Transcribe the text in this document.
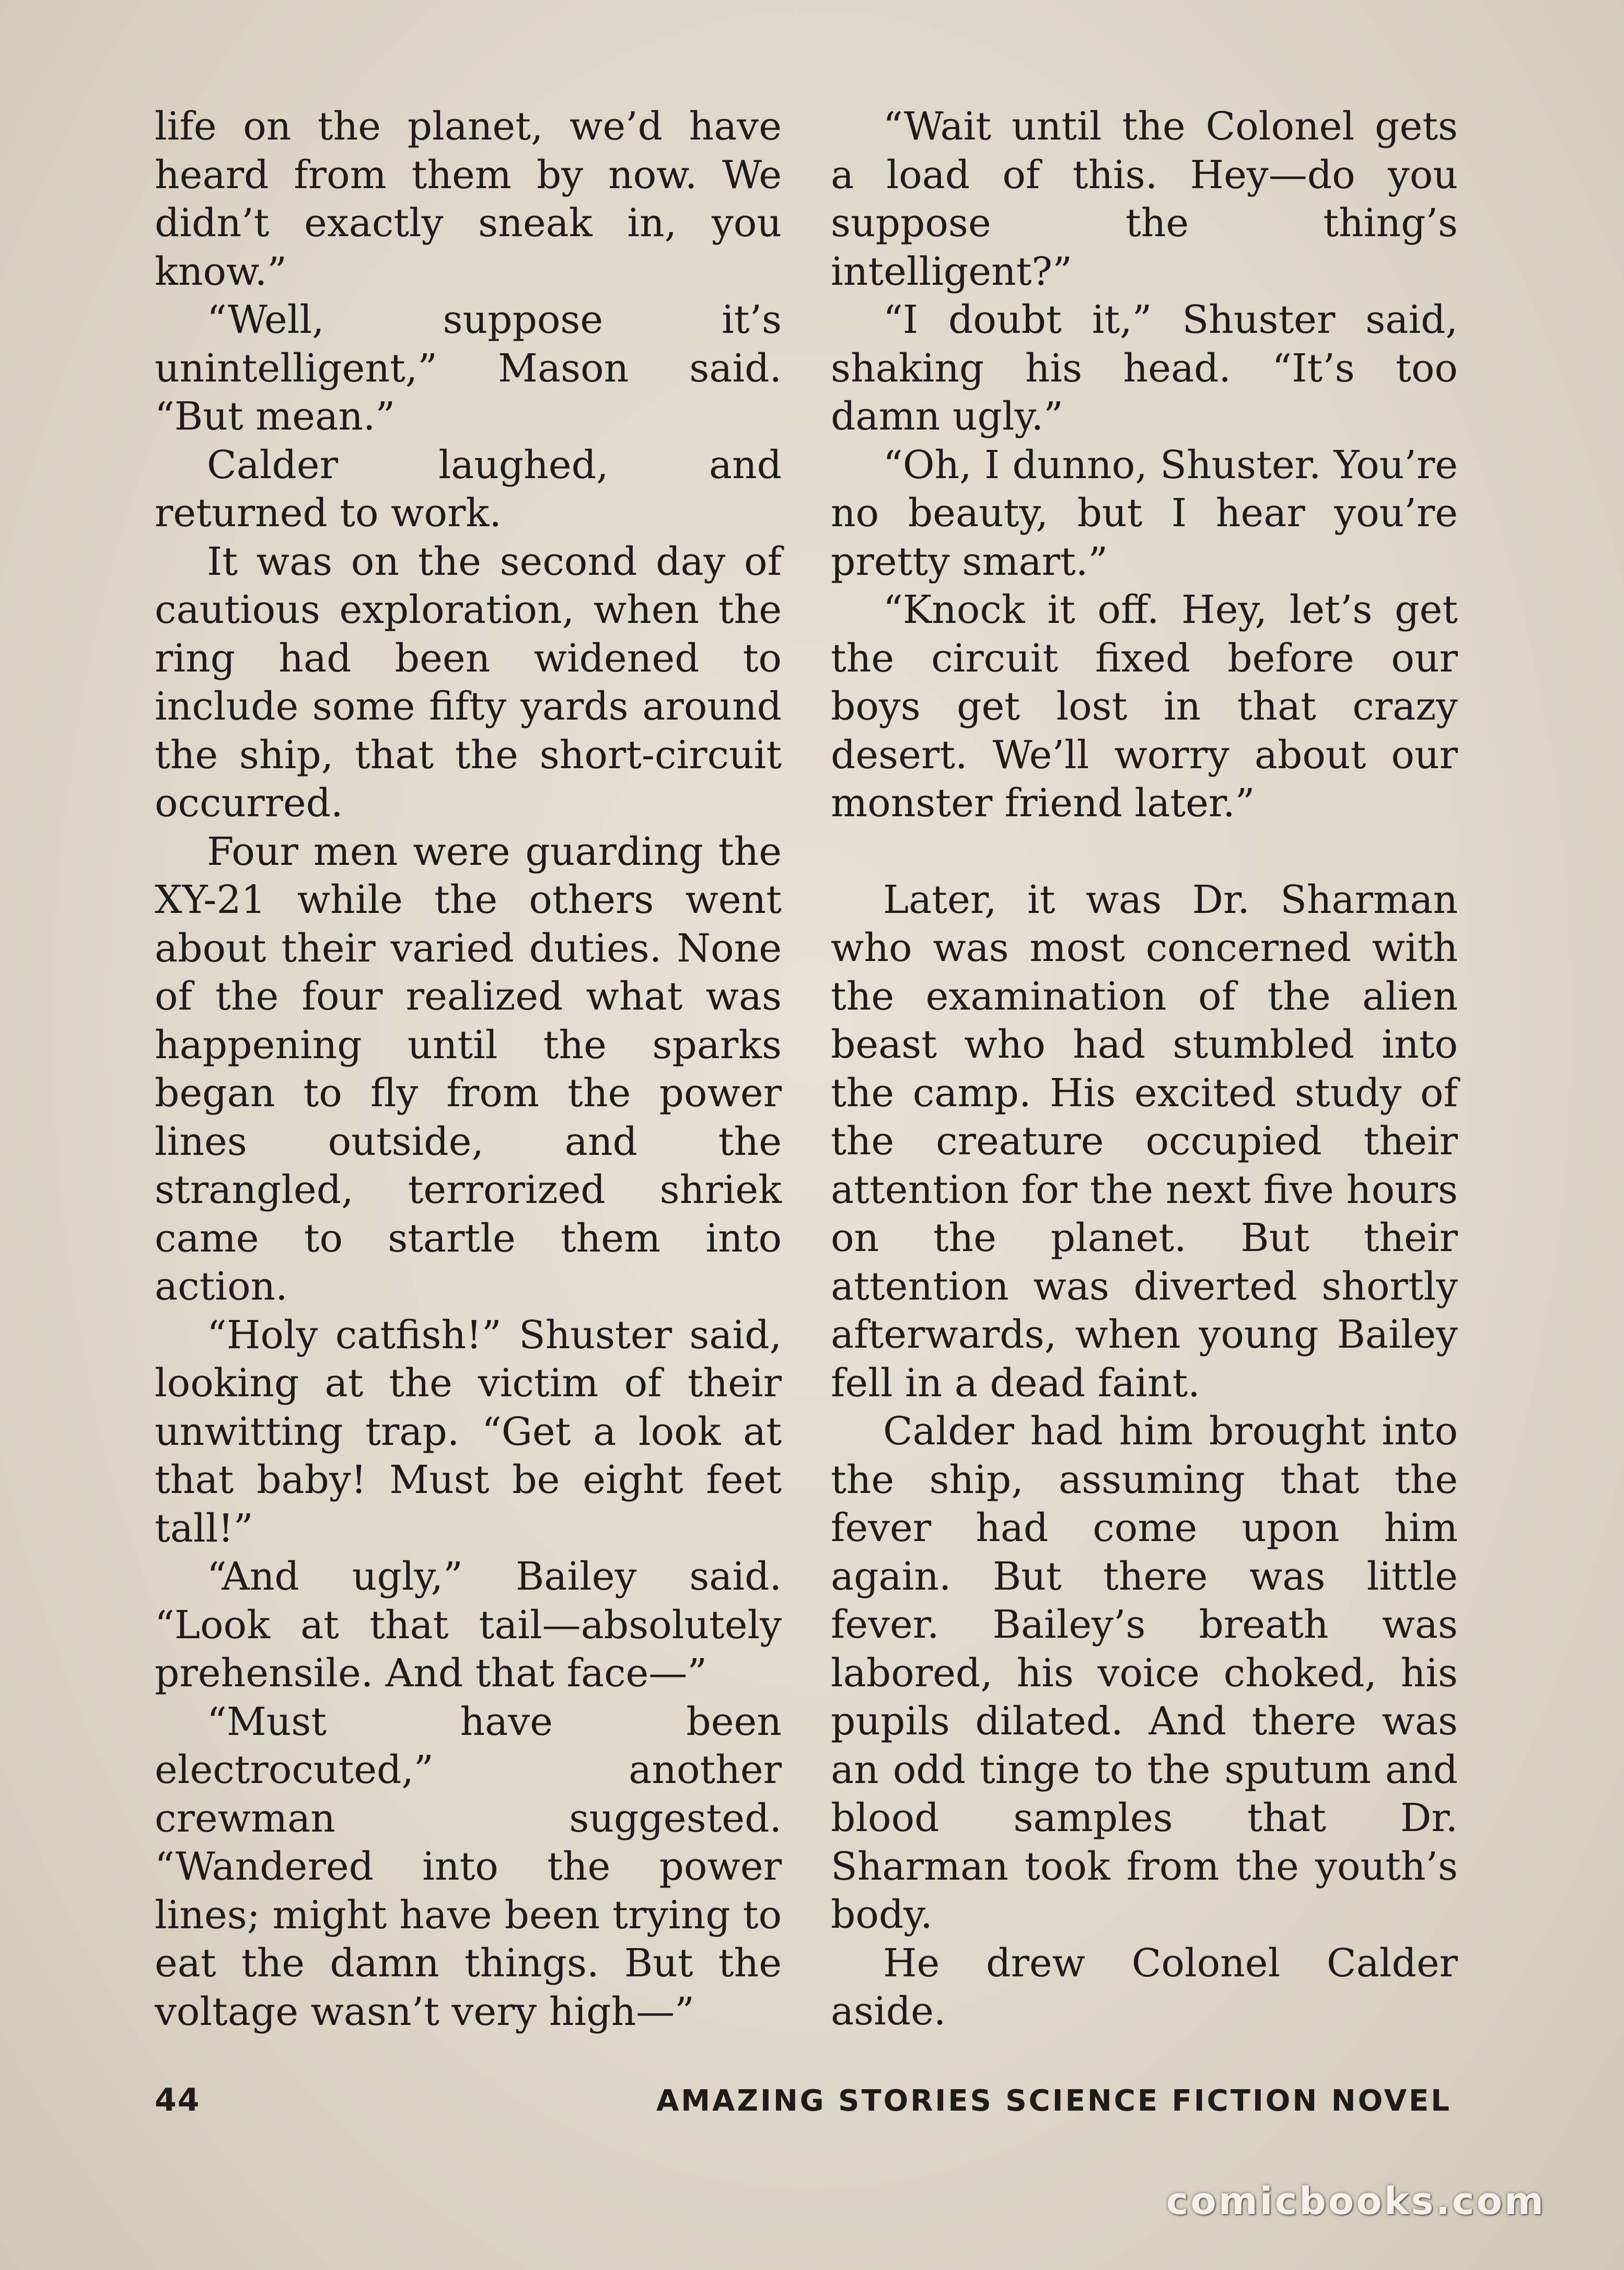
life on the planet, we’d have heard from them by now. We didn’t exactly sneak in, you know.”

“Well, suppose it’s unintelligent,” Mason said. “But mean.”

Calder laughed, and returned to work.

It was on the second day of cautious exploration, when the ring had been widened to include some fifty yards around the ship, that the short-circuit occurred.

Four men were guarding the XY-21 while the others went about their varied duties. None of the four realized what was happening until the sparks began to fly from the power lines outside, and the strangled, terrorized shriek came to startle them into action.

“Holy catfish!” Shuster said, looking at the victim of their unwitting trap. “Get a look at that baby! Must be eight feet tall!”

“And ugly,” Bailey said. “Look at that tail—absolutely prehensile. And that face—”

“Must have been electrocuted,” another crewman suggested. “Wandered into the power lines; might have been trying to eat the damn things. But the voltage wasn’t very high—”

“Wait until the Colonel gets a load of this. Hey—do you suppose the thing’s intelligent?”

“I doubt it,” Shuster said, shaking his head. “It’s too damn ugly.”

“Oh, I dunno, Shuster. You’re no beauty, but I hear you’re pretty smart.”

“Knock it off. Hey, let’s get the circuit fixed before our boys get lost in that crazy desert. We’ll worry about our monster friend later.”

Later, it was Dr. Sharman who was most concerned with the examination of the alien beast who had stumbled into the camp. His excited study of the creature occupied their attention for the next five hours on the planet. But their attention was diverted shortly afterwards, when young Bailey fell in a dead faint.

Calder had him brought into the ship, assuming that the fever had come upon him again. But there was little fever. Bailey’s breath was labored, his voice choked, his pupils dilated. And there was an odd tinge to the sputum and blood samples that Dr. Sharman took from the youth’s body.

He drew Colonel Calder aside.

44	AMAZING STORIES SCIENCE FICTION NOVEL
comicbooks.com
